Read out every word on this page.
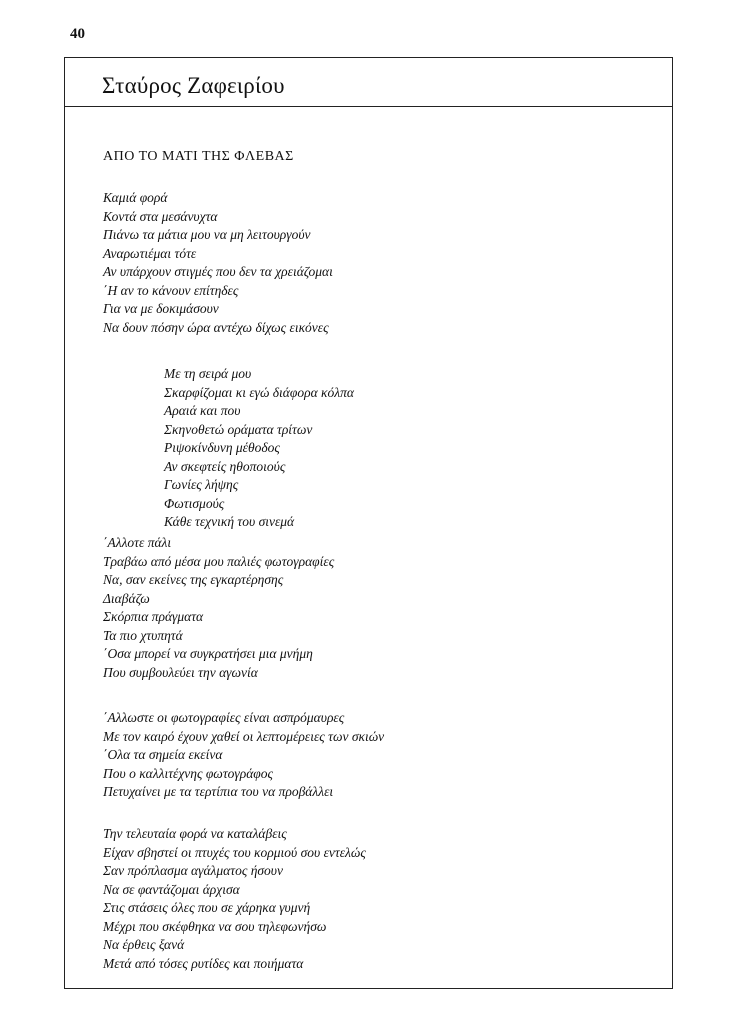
40
Σταύρος Ζαφειρίου
ΑΠΟ ΤΟ ΜΑΤΙ ΤΗΣ ΦΛΕΒΑΣ
Καμιά φορά
Κοντά στα μεσάνυχτα
Πιάνω τα μάτια μου να μη λειτουργούν
Αναρωτιέμαι τότε
Αν υπάρχουν στιγμές που δεν τα χρειάζομαι
΄Η αν το κάνουν επίτηδες
Για να με δοκιμάσουν
Να δουν πόσην ώρα αντέχω δίχως εικόνες
Με τη σειρά μου
Σκαρφίζομαι κι εγώ διάφορα κόλπα
Αραιά και που
Σκηνοθετώ οράματα τρίτων
Ριψοκίνδυνη μέθοδος
Αν σκεφτείς ηθοποιούς
Γωνίες λήψης
Φωτισμούς
Κάθε τεχνική του σινεμά
΄Αλλοτε πάλι
Τραβάω από μέσα μου παλιές φωτογραφίες
Να, σαν εκείνες της εγκαρτέρησης
Διαβάζω
Σκόρπια πράγματα
Τα πιο χτυπητά
΄Οσα μπορεί να συγκρατήσει μια μνήμη
Που συμβουλεύει την αγωνία
΄Αλλωστε οι φωτογραφίες είναι ασπρόμαυρες
Με τον καιρό έχουν χαθεί οι λεπτομέρειες των σκιών
΄Ολα τα σημεία εκείνα
Που ο καλλιτέχνης φωτογράφος
Πετυχαίνει με τα τερτίπια του να προβάλλει
Την τελευταία φορά να καταλάβεις
Είχαν σβηστεί οι πτυχές του κορμιού σου εντελώς
Σαν πρόπλασμα αγάλματος ήσουν
Να σε φαντάζομαι άρχισα
Στις στάσεις όλες που σε χάρηκα γυμνή
Μέχρι που σκέφθηκα να σου τηλεφωνήσω
Να έρθεις ξανά
Μετά από τόσες ρυτίδες και ποιήματα
